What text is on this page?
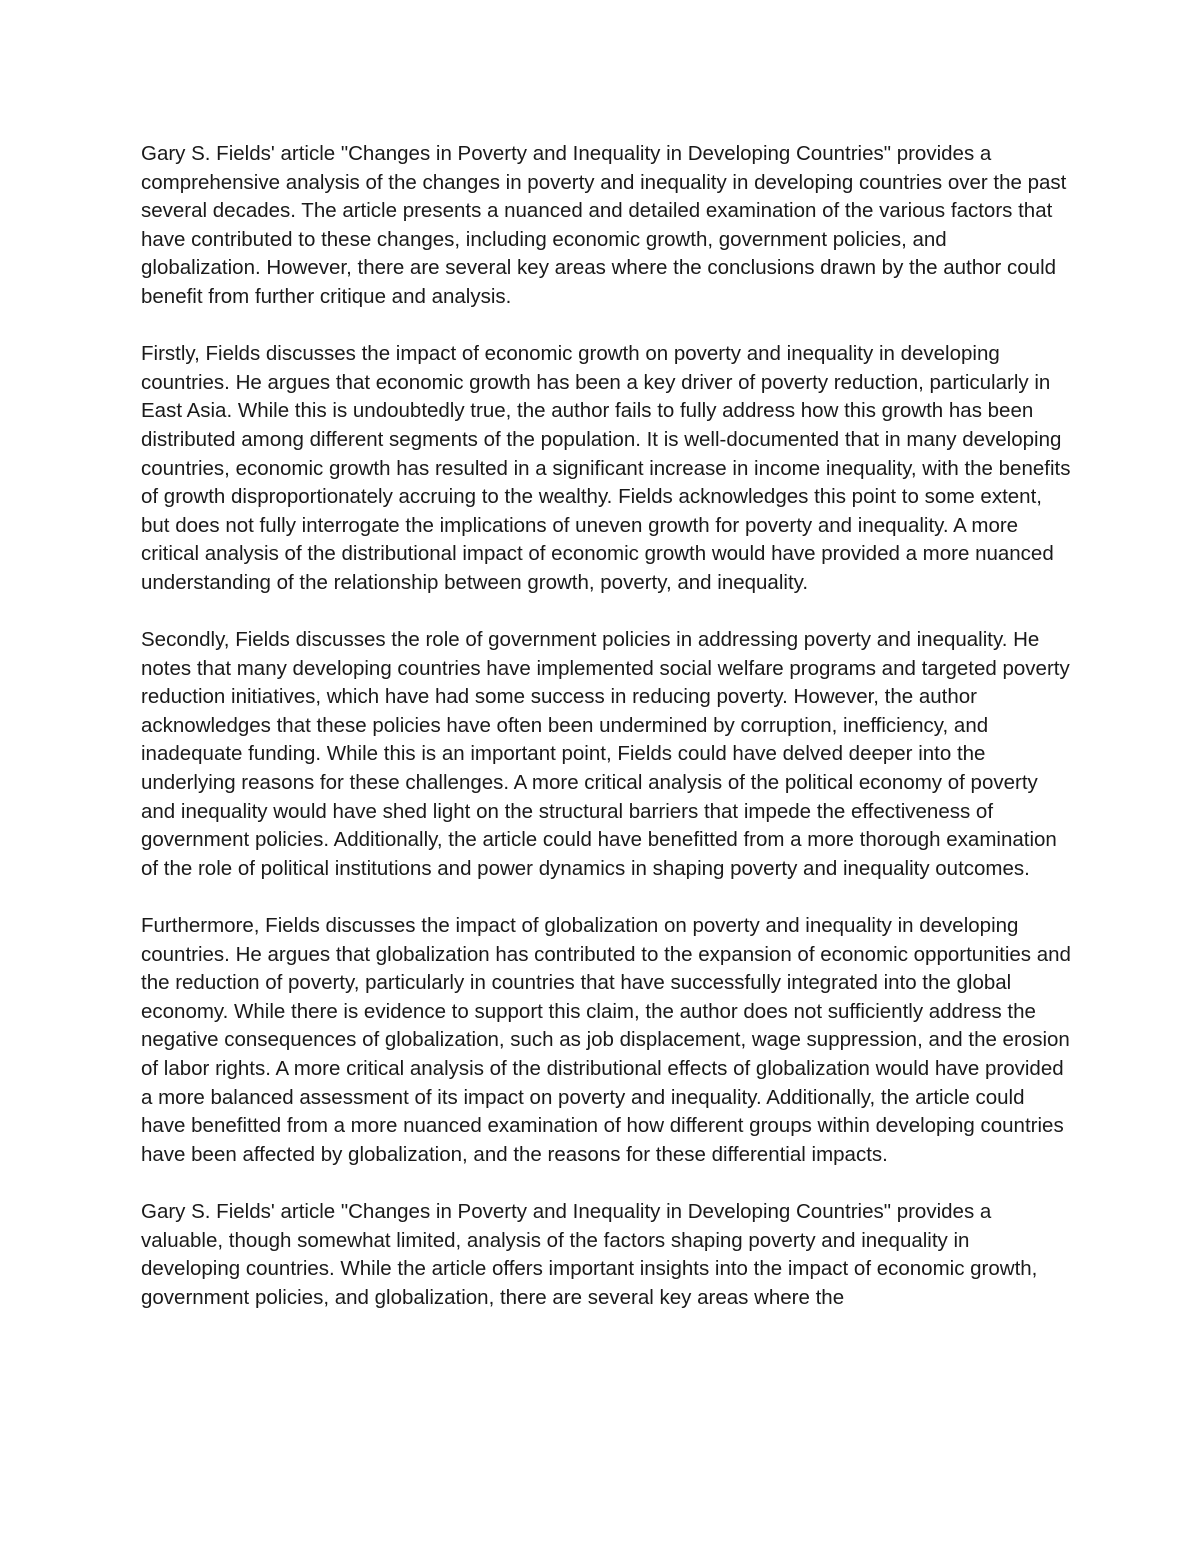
Gary S. Fields' article "Changes in Poverty and Inequality in Developing Countries" provides a comprehensive analysis of the changes in poverty and inequality in developing countries over the past several decades. The article presents a nuanced and detailed examination of the various factors that have contributed to these changes, including economic growth, government policies, and globalization. However, there are several key areas where the conclusions drawn by the author could benefit from further critique and analysis.

Firstly, Fields discusses the impact of economic growth on poverty and inequality in developing countries. He argues that economic growth has been a key driver of poverty reduction, particularly in East Asia. While this is undoubtedly true, the author fails to fully address how this growth has been distributed among different segments of the population. It is well-documented that in many developing countries, economic growth has resulted in a significant increase in income inequality, with the benefits of growth disproportionately accruing to the wealthy. Fields acknowledges this point to some extent, but does not fully interrogate the implications of uneven growth for poverty and inequality. A more critical analysis of the distributional impact of economic growth would have provided a more nuanced understanding of the relationship between growth, poverty, and inequality.

Secondly, Fields discusses the role of government policies in addressing poverty and inequality. He notes that many developing countries have implemented social welfare programs and targeted poverty reduction initiatives, which have had some success in reducing poverty. However, the author acknowledges that these policies have often been undermined by corruption, inefficiency, and inadequate funding. While this is an important point, Fields could have delved deeper into the underlying reasons for these challenges. A more critical analysis of the political economy of poverty and inequality would have shed light on the structural barriers that impede the effectiveness of government policies. Additionally, the article could have benefitted from a more thorough examination of the role of political institutions and power dynamics in shaping poverty and inequality outcomes.

Furthermore, Fields discusses the impact of globalization on poverty and inequality in developing countries. He argues that globalization has contributed to the expansion of economic opportunities and the reduction of poverty, particularly in countries that have successfully integrated into the global economy. While there is evidence to support this claim, the author does not sufficiently address the negative consequences of globalization, such as job displacement, wage suppression, and the erosion of labor rights. A more critical analysis of the distributional effects of globalization would have provided a more balanced assessment of its impact on poverty and inequality. Additionally, the article could have benefitted from a more nuanced examination of how different groups within developing countries have been affected by globalization, and the reasons for these differential impacts.

Gary S. Fields' article "Changes in Poverty and Inequality in Developing Countries" provides a valuable, though somewhat limited, analysis of the factors shaping poverty and inequality in developing countries. While the article offers important insights into the impact of economic growth, government policies, and globalization, there are several key areas where the
